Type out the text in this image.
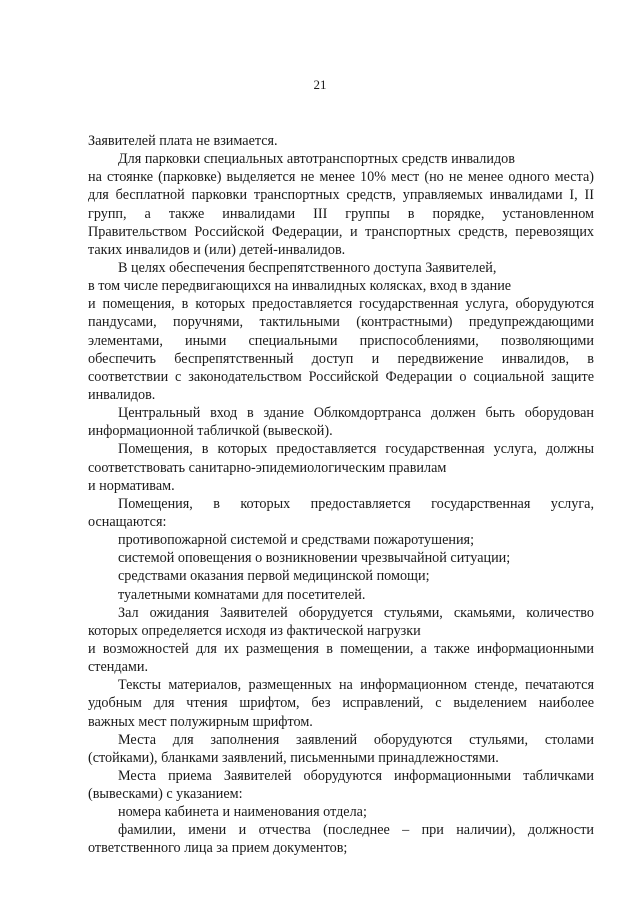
21
Заявителей плата не взимается.
Для парковки специальных автотранспортных средств инвалидов
на стоянке (парковке) выделяется не менее 10% мест (но не менее одного места)
для бесплатной парковки транспортных средств, управляемых инвалидами I, II
групп, а также инвалидами III группы в порядке, установленном
Правительством Российской Федерации, и транспортных средств, перевозящих
таких инвалидов и (или) детей-инвалидов.
В целях обеспечения беспрепятственного доступа Заявителей,
в том числе передвигающихся на инвалидных колясках, вход в здание
и помещения, в которых предоставляется государственная услуга, оборудуются
пандусами, поручнями, тактильными (контрастными) предупреждающими
элементами, иными специальными приспособлениями, позволяющими
обеспечить беспрепятственный доступ и передвижение инвалидов, в
соответствии с законодательством Российской Федерации о социальной защите
инвалидов.
Центральный вход в здание Облкомдортранса должен быть оборудован
информационной табличкой (вывеской).
Помещения, в которых предоставляется государственная услуга, должны
соответствовать санитарно-эпидемиологическим правилам
и нормативам.
Помещения, в которых предоставляется государственная услуга,
оснащаются:
противопожарной системой и средствами пожаротушения;
системой оповещения о возникновении чрезвычайной ситуации;
средствами оказания первой медицинской помощи;
туалетными комнатами для посетителей.
Зал ожидания Заявителей оборудуется стульями, скамьями, количество
которых определяется исходя из фактической нагрузки
и возможностей для их размещения в помещении, а также информационными
стендами.
Тексты материалов, размещенных на информационном стенде, печатаются
удобным для чтения шрифтом, без исправлений, с выделением наиболее
важных мест полужирным шрифтом.
Места для заполнения заявлений оборудуются стульями, столами
(стойками), бланками заявлений, письменными принадлежностями.
Места приема Заявителей оборудуются информационными табличками
(вывесками) с указанием:
номера кабинета и наименования отдела;
фамилии, имени и отчества (последнее – при наличии), должности
ответственного лица за прием документов;
